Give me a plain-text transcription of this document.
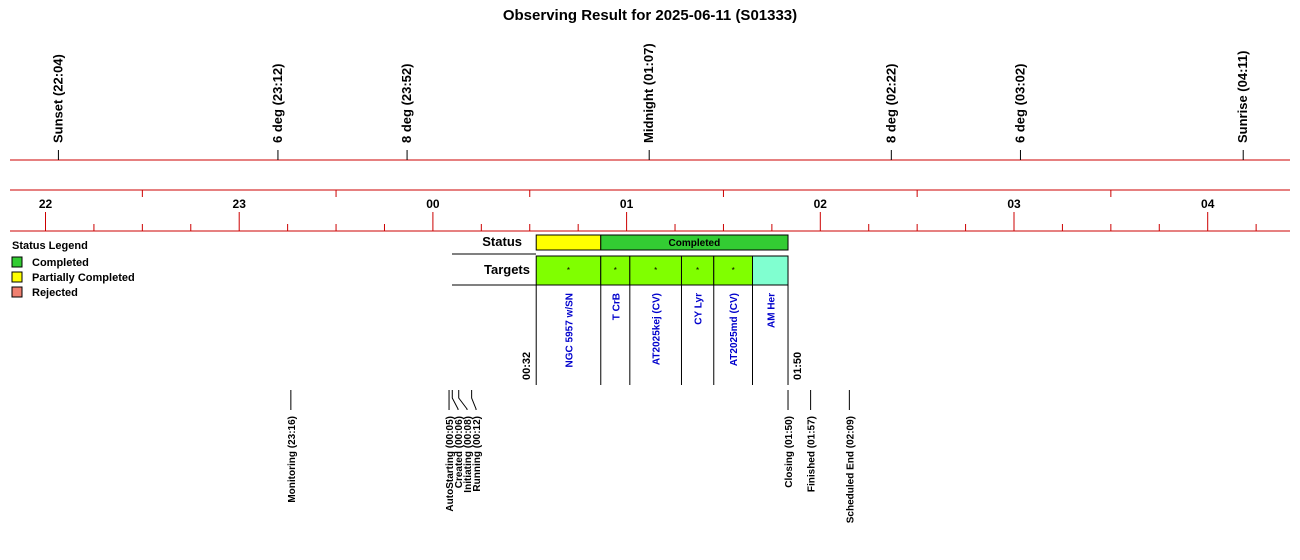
Observing Result for 2025-06-11 (S01333)
Sunset (22:04)	6 deg (23:12)	8 deg (23:52)	Midnight (01:07)	8 deg (02:22)	6 deg (03:02)	Sunrise (04:11)
22	23	00	01	02	03	04
Status Legend
Completed
Partially Completed
Rejected
Status
Targets
Completed
*
NGC 5957 w/SN
*
T CrB
*
AT2025kej (CV)
*
CY Lyr
*
AT2025md (CV)	AM Her
00:32	01:50
Monitoring (23:16)	AutoStarting (00:05)
Created (00:06)
Initiating (00:08)
Running (00:12)	Closing (01:50) Finished (01:57)	Scheduled End (02:09)
